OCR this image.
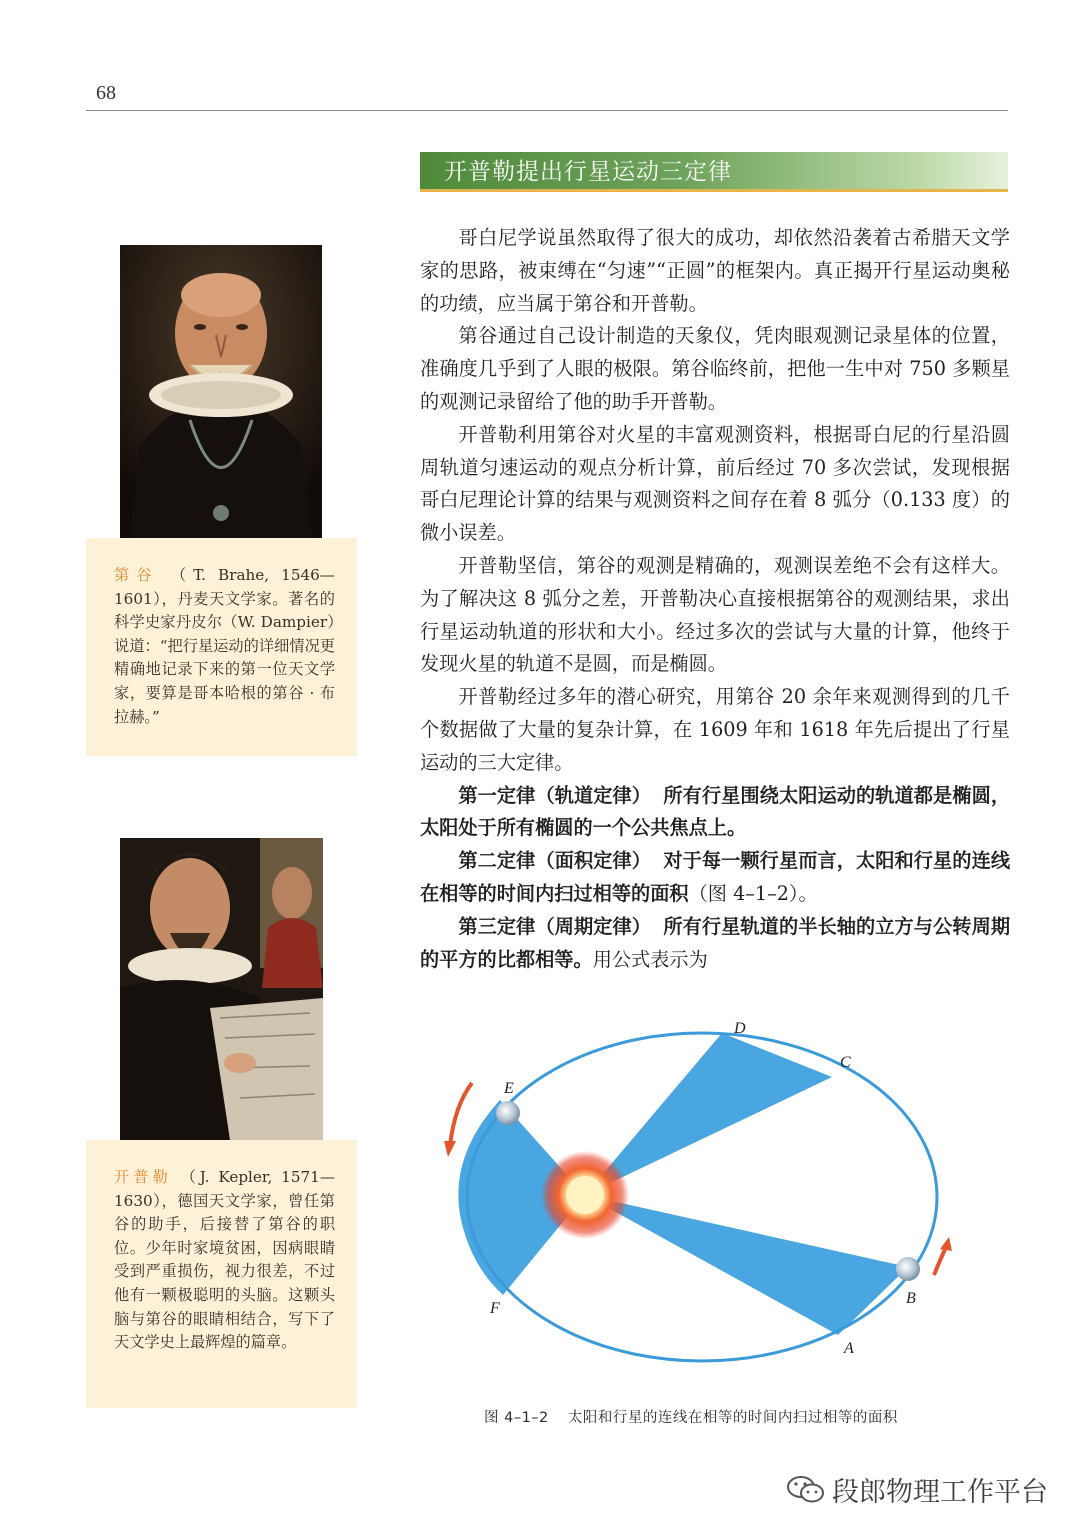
68
开普勒提出行星运动三定律
第谷 （T. Brahe, 1546—1601），丹麦天文学家。著名的科学史家丹皮尔（W. Dampier）说道：“把行星运动的详细情况更精确地记录下来的第一位天文学家，要算是哥本哈根的第谷 · 布拉赫。”
开普勒 （J. Kepler, 1571—1630），德国天文学家，曾任第谷的助手，后接替了第谷的职位。少年时家境贫困，因病眼睛受到严重损伤，视力很差，不过他有一颗极聪明的头脑。这颗头脑与第谷的眼睛相结合，写下了天文学史上最辉煌的篇章。

哥白尼学说虽然取得了很大的成功，却依然沿袭着古希腊天文学家的思路，被束缚在“匀速”“正圆”的框架内。真正揭开行星运动奥秘的功绩，应当属于第谷和开普勒。

第谷通过自己设计制造的天象仪，凭肉眼观测记录星体的位置，准确度几乎到了人眼的极限。第谷临终前，把他一生中对 750 多颗星的观测记录留给了他的助手开普勒。

开普勒利用第谷对火星的丰富观测资料，根据哥白尼的行星沿圆周轨道匀速运动的观点分析计算，前后经过 70 多次尝试，发现根据哥白尼理论计算的结果与观测资料之间存在着 8 弧分（0.133 度）的微小误差。

开普勒坚信，第谷的观测是精确的，观测误差绝不会有这样大。为了解决这 8 弧分之差，开普勒决心直接根据第谷的观测结果，求出行星运动轨道的形状和大小。经过多次的尝试与大量的计算，他终于发现火星的轨道不是圆，而是椭圆。

开普勒经过多年的潜心研究，用第谷 20 余年来观测得到的几千个数据做了大量的复杂计算，在 1609 年和 1618 年先后提出了行星运动的三大定律。

第一定律（轨道定律） 所有行星围绕太阳运动的轨道都是椭圆，太阳处于所有椭圆的一个公共焦点上。

第二定律（面积定律） 对于每一颗行星而言，太阳和行星的连线在相等的时间内扫过相等的面积（图 4–1–2）。

第三定律（周期定律） 所有行星轨道的半长轴的立方与公转周期的平方的比都相等。用公式表示为

D
C
E
F
B
A
图 4–1–2 太阳和行星的连线在相等的时间内扫过相等的面积
段郎物理工作平台
